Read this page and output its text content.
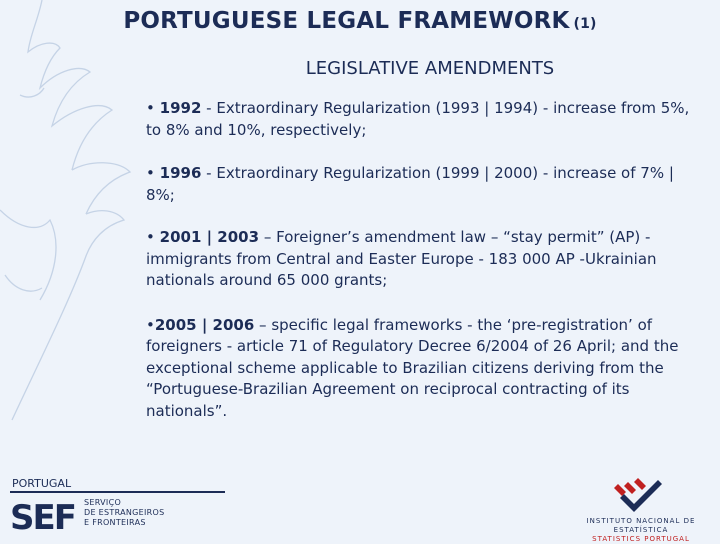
PORTUGUESE LEGAL FRAMEWORK (1)
LEGISLATIVE AMENDMENTS
• 1992 - Extraordinary Regularization (1993 | 1994) - increase from 5%, to 8% and 10%, respectively;
• 1996 - Extraordinary Regularization (1999 | 2000) - increase of 7% | 8%;
• 2001 | 2003 – Foreigner’s amendment law – “stay permit” (AP) - immigrants from Central and Easter Europe - 183 000 AP -Ukrainian nationals around 65 000 grants;
•2005 | 2006 – specific legal frameworks - the ‘pre-registration’ of foreigners - article 71 of Regulatory Decree 6/2004 of 26 April; and the exceptional scheme applicable to Brazilian citizens deriving from the “Portuguese-Brazilian Agreement on reciprocal contracting of its nationals”.
PORTUGAL
SEF SERVIÇO
DE ESTRANGEIROS
E FRONTEIRAS	INSTITUTO NACIONAL DE ESTATÍSTICA
STATISTICS PORTUGAL
